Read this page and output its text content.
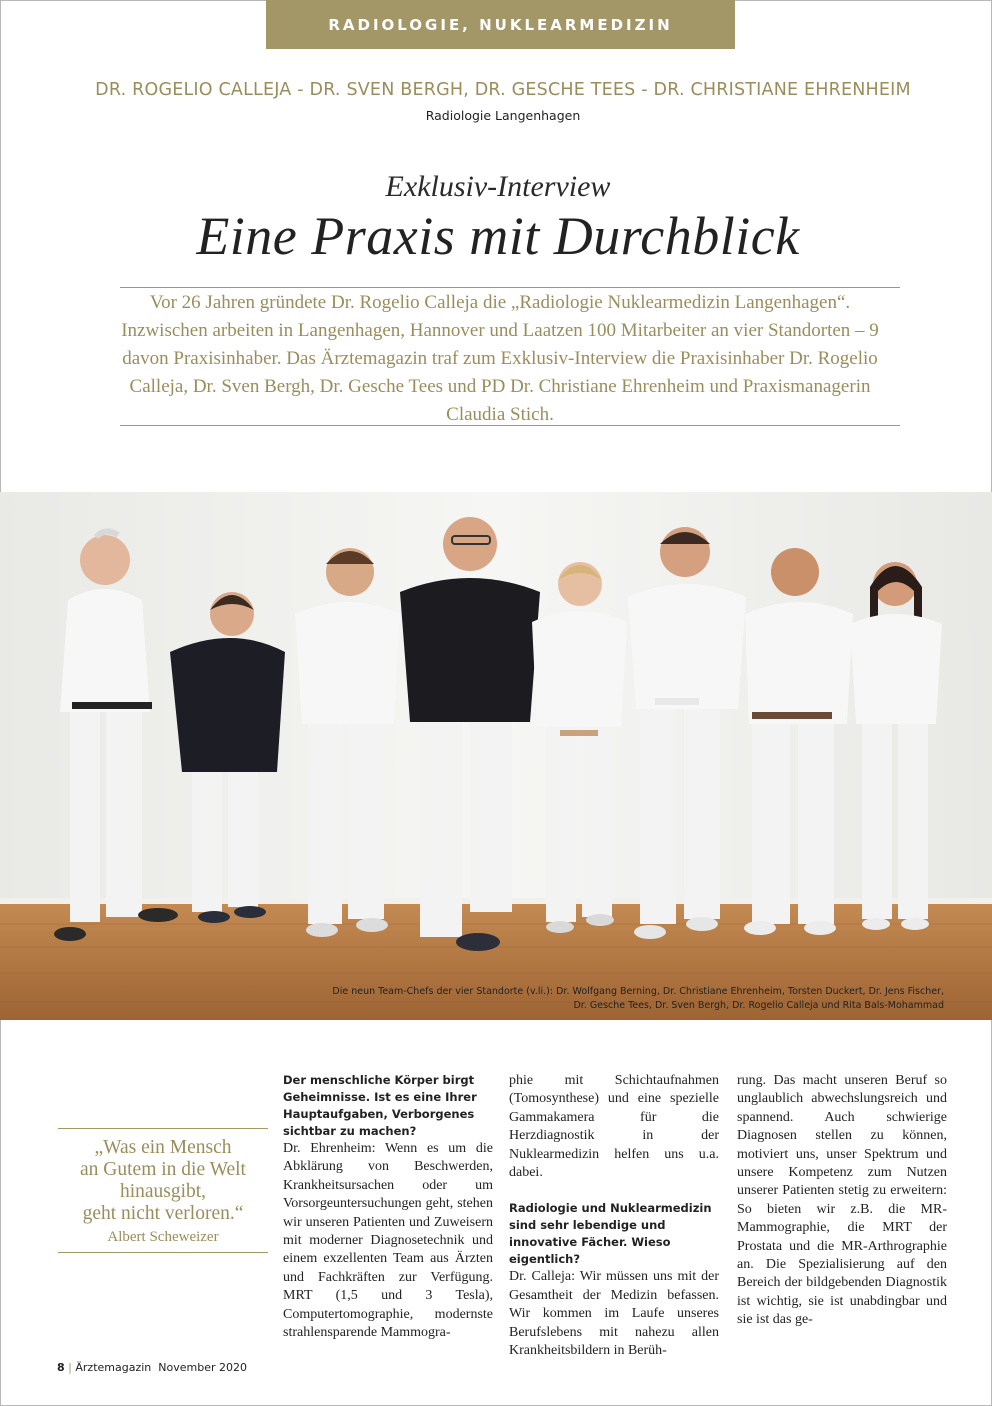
RADIOLOGIE, NUKLEARMEDIZIN
DR. ROGELIO CALLEJA - DR. SVEN BERGH, DR. GESCHE TEES - DR. CHRISTIANE EHRENHEIM
Radiologie Langenhagen
Exklusiv-Interview
Eine Praxis mit Durchblick
Vor 26 Jahren gründete Dr. Rogelio Calleja die „Radiologie Nuklearmedizin Langenhagen“. Inzwischen arbeiten in Langenhagen, Hannover und Laatzen 100 Mitarbeiter an vier Standorten – 9 davon Praxisinhaber. Das Ärztemagazin traf zum Exklusiv-Interview die Praxisinhaber Dr. Rogelio Calleja, Dr. Sven Bergh, Dr. Gesche Tees und PD Dr. Christiane Ehrenheim und Praxismanagerin Claudia Stich.
Die neun Team-Chefs der vier Standorte (v.li.): Dr. Wolfgang Berning, Dr. Christiane Ehrenheim, Torsten Duckert, Dr. Jens Fischer,
Dr. Gesche Tees, Dr. Sven Bergh, Dr. Rogelio Calleja und Rita Bals-Mohammad
„Was ein Mensch
an Gutem in die Welt
hinausgibt,
geht nicht verloren.“
Albert Scheweizer

Der menschliche Körper birgt Geheimnisse. Ist es eine Ihrer Hauptaufgaben, Verborgenes sichtbar zu machen?

Dr. Ehrenheim: Wenn es um die Abklärung von Beschwerden, Krankheitsursachen oder um Vorsorgeuntersuchungen geht, stehen wir unseren Patienten und Zuweisern mit moderner Diagnosetechnik und einem exzellenten Team aus Ärzten und Fachkräften zur Verfügung. MRT (1,5 und 3 Tesla), Computertomographie, modernste strahlensparende Mammogra-

phie mit Schichtaufnahmen (Tomosynthese) und eine spezielle Gammakamera für die Herzdiagnostik in der Nuklearmedizin helfen uns u.a. dabei.

Radiologie und Nuklearmedizin sind sehr lebendige und innovative Fächer. Wieso eigentlich?

Dr. Calleja: Wir müssen uns mit der Gesamtheit der Medizin befassen. Wir kommen im Laufe unseres Berufslebens mit nahezu allen Krankheitsbildern in Berüh-

rung. Das macht unseren Beruf so unglaublich abwechslungsreich und spannend. Auch schwierige Diagnosen stellen zu können, motiviert uns, unser Spektrum und unsere Kompetenz zum Nutzen unserer Patienten stetig zu erweitern: So bieten wir z.B. die MR-Mammographie, die MRT der Prostata und die MR-Arthrographie an. Die Spezialisierung auf den Bereich der bildgebenden Diagnostik ist wichtig, sie ist unabdingbar und sie ist das ge-

8 | Ärztemagazin November 2020
